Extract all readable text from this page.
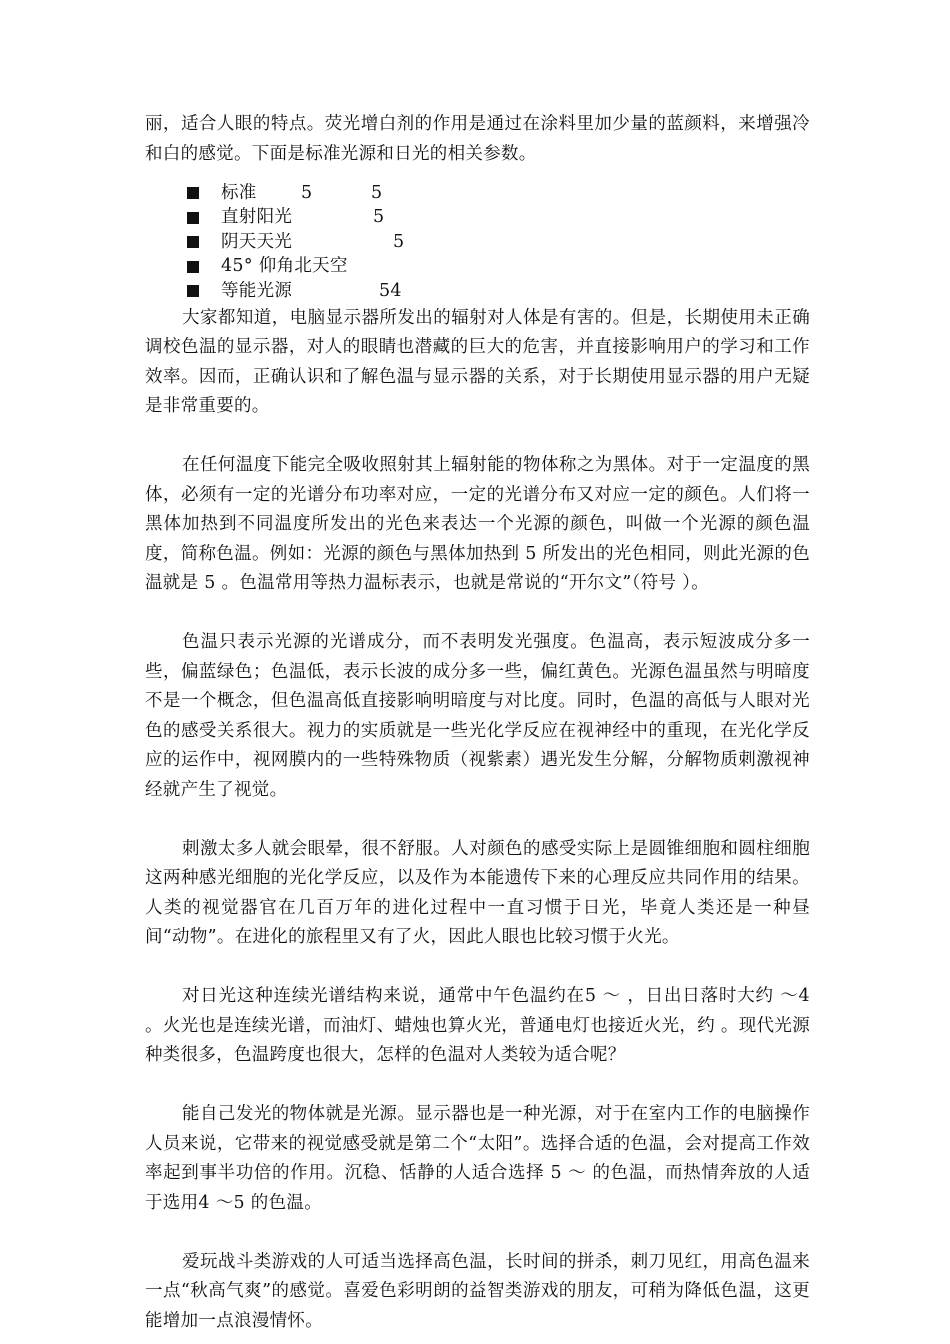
丽，适合人眼的特点。荧光增白剂的作用是通过在涂料里加少量的蓝颜料，来增强冷和白的感觉。下面是标准光源和日光的相关参数。

标准	5          5
直射阳光	5
阴天天光	5
45° 仰角北天空
等能光源	54

大家都知道，电脑显示器所发出的辐射对人体是有害的。但是，长期使用未正确调校色温的显示器，对人的眼睛也潜藏的巨大的危害，并直接影响用户的学习和工作效率。因而，正确认识和了解色温与显示器的关系，对于长期使用显示器的用户无疑是非常重要的。

在任何温度下能完全吸收照射其上辐射能的物体称之为黑体。对于一定温度的黑体，必须有一定的光谱分布功率对应，一定的光谱分布又对应一定的颜色。人们将一黑体加热到不同温度所发出的光色来表达一个光源的颜色，叫做一个光源的颜色温度，简称色温。例如：光源的颜色与黑体加热到 5 所发出的光色相同，则此光源的色温就是 5 。色温常用等热力温标表示，也就是常说的“开尔文”（符号 ）。

色温只表示光源的光谱成分，而不表明发光强度。色温高，表示短波成分多一些，偏蓝绿色；色温低，表示长波的成分多一些，偏红黄色。光源色温虽然与明暗度不是一个概念，但色温高低直接影响明暗度与对比度。同时，色温的高低与人眼对光色的感受关系很大。视力的实质就是一些光化学反应在视神经中的重现，在光化学反应的运作中，视网膜内的一些特殊物质（视紫素）遇光发生分解，分解物质刺激视神经就产生了视觉。

刺激太多人就会眼晕，很不舒服。人对颜色的感受实际上是圆锥细胞和圆柱细胞这两种感光细胞的光化学反应，以及作为本能遗传下来的心理反应共同作用的结果。人类的视觉器官在几百万年的进化过程中一直习惯于日光，毕竟人类还是一种昼间“动物”。在进化的旅程里又有了火，因此人眼也比较习惯于火光。

对日光这种连续光谱结构来说，通常中午色温约在5 ～ ，日出日落时大约 ～4 。火光也是连续光谱，而油灯、蜡烛也算火光，普通电灯也接近火光，约 。现代光源种类很多，色温跨度也很大，怎样的色温对人类较为适合呢？

能自己发光的物体就是光源。显示器也是一种光源，对于在室内工作的电脑操作人员来说，它带来的视觉感受就是第二个“太阳”。选择合适的色温，会对提高工作效率起到事半功倍的作用。沉稳、恬静的人适合选择 5 ～ 的色温，而热情奔放的人适于选用4 ～5 的色温。

爱玩战斗类游戏的人可适当选择高色温，长时间的拼杀，刺刀见红，用高色温来一点“秋高气爽”的感觉。喜爱色彩明朗的益智类游戏的朋友，可稍为降低色温，这更能增加一点浪漫情怀。
